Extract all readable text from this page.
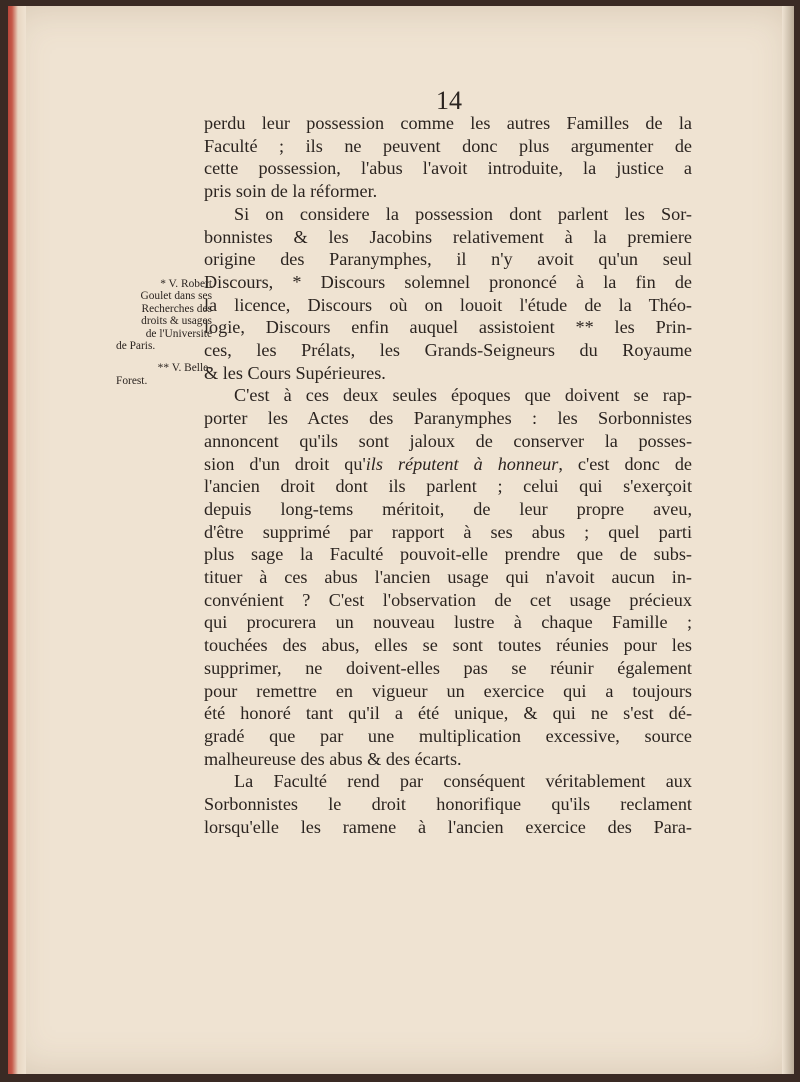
14
* V. Robert
Goulet dans ses
Recherches des
droits & usages
de l'Université
de Paris.
** V. Belle-
Forest.
perdu leur possession comme les autres Familles de la
Faculté ; ils ne peuvent donc plus argumenter de
cette possession, l'abus l'avoit introduite, la justice a
pris soin de la réformer.
Si on considere la possession dont parlent les Sor-
bonnistes & les Jacobins relativement à la premiere
origine des Paranymphes, il n'y avoit qu'un seul
Discours, * Discours solemnel prononcé à la fin de
la licence, Discours où on louoit l'étude de la Théo-
logie, Discours enfin auquel assistoient ** les Prin-
ces, les Prélats, les Grands-Seigneurs du Royaume
& les Cours Supérieures.
C'est à ces deux seules époques que doivent se rap-
porter les Actes des Paranymphes : les Sorbonnistes
annoncent qu'ils sont jaloux de conserver la posses-
sion d'un droit qu'ils réputent à honneur, c'est donc de
l'ancien droit dont ils parlent ; celui qui s'exerçoit
depuis long-tems méritoit, de leur propre aveu,
d'être supprimé par rapport à ses abus ; quel parti
plus sage la Faculté pouvoit-elle prendre que de subs-
tituer à ces abus l'ancien usage qui n'avoit aucun in-
convénient ? C'est l'observation de cet usage précieux
qui procurera un nouveau lustre à chaque Famille ;
touchées des abus, elles se sont toutes réunies pour les
supprimer, ne doivent-elles pas se réunir également
pour remettre en vigueur un exercice qui a toujours
été honoré tant qu'il a été unique, & qui ne s'est dé-
gradé que par une multiplication excessive, source
malheureuse des abus & des écarts.
La Faculté rend par conséquent véritablement aux
Sorbonnistes le droit honorifique qu'ils reclament
lorsqu'elle les ramene à l'ancien exercice des Para-
